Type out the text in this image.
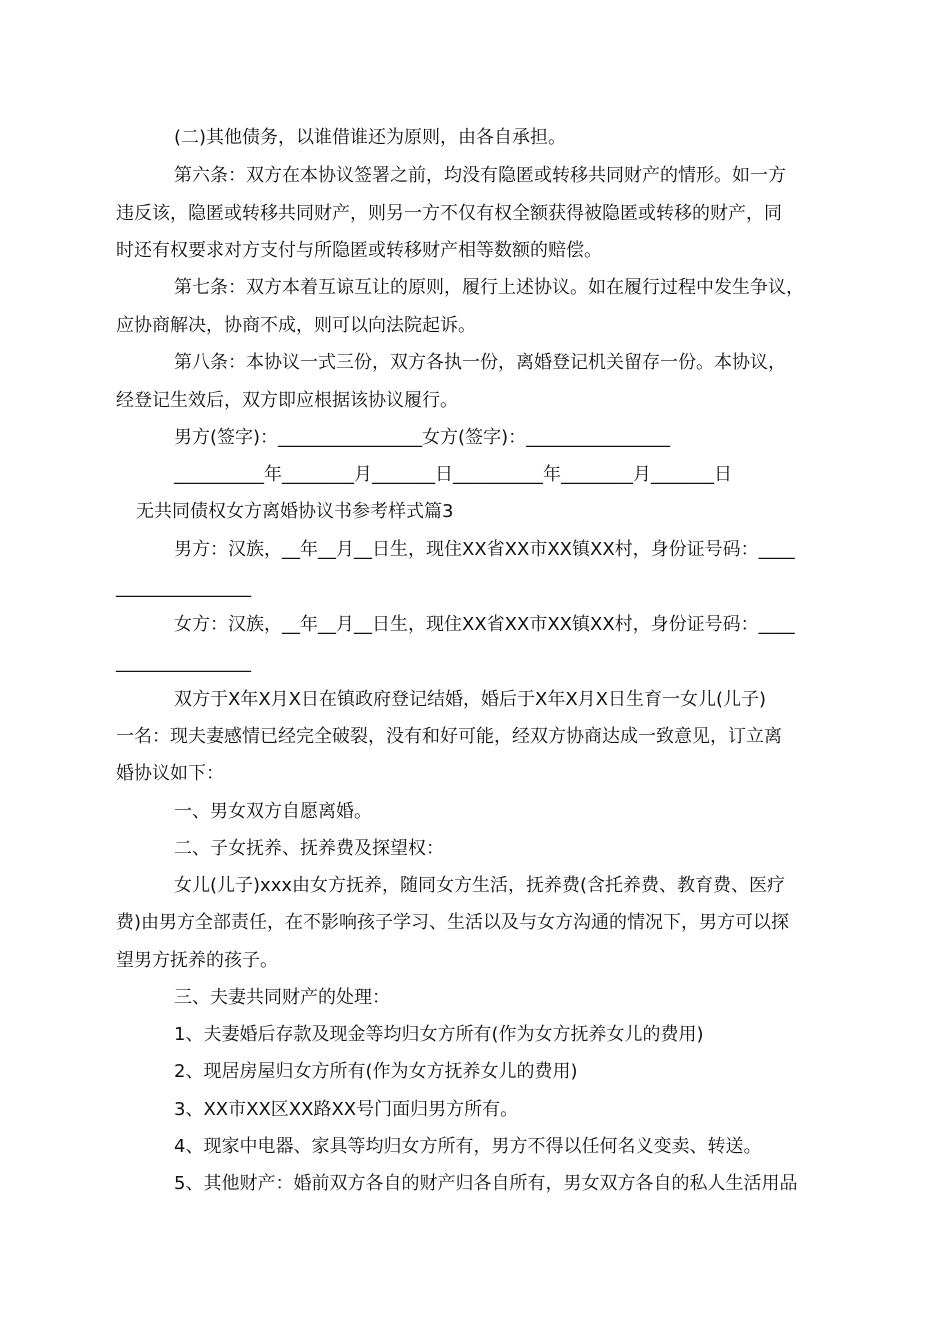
(二)其他债务，以谁借谁还为原则，由各自承担。
第六条：双方在本协议签署之前，均没有隐匿或转移共同财产的情形。如一方
违反该，隐匿或转移共同财产，则另一方不仅有权全额获得被隐匿或转移的财产，同
时还有权要求对方支付与所隐匿或转移财产相等数额的赔偿。
第七条：双方本着互谅互让的原则，履行上述协议。如在履行过程中发生争议，
应协商解决，协商不成，则可以向法院起诉。
第八条：本协议一式三份，双方各执一份，离婚登记机关留存一份。本协议，
经登记生效后，双方即应根据该协议履行。
男方(签字)：________________女方(签字)：________________
__________年________月_______日__________年________月_______日
无共同债权女方离婚协议书参考样式篇3
男方：汉族，__年__月__日生，现住XX省XX市XX镇XX村，身份证号码：____
_______________
女方：汉族，__年__月__日生，现住XX省XX市XX镇XX村，身份证号码：____
_______________
双方于X年X月X日在镇政府登记结婚，婚后于X年X月X日生育一女儿(儿子)
一名：现夫妻感情已经完全破裂，没有和好可能，经双方协商达成一致意见，订立离
婚协议如下：
一、男女双方自愿离婚。
二、子女抚养、抚养费及探望权：
女儿(儿子)xxx由女方抚养，随同女方生活，抚养费(含托养费、教育费、医疗
费)由男方全部责任，在不影响孩子学习、生活以及与女方沟通的情况下，男方可以探
望男方抚养的孩子。
三、夫妻共同财产的处理：
1、夫妻婚后存款及现金等均归女方所有(作为女方抚养女儿的费用)
2、现居房屋归女方所有(作为女方抚养女儿的费用)
3、XX市XX区XX路XX号门面归男方所有。
4、现家中电器、家具等均归女方所有，男方不得以任何名义变卖、转送。
5、其他财产：婚前双方各自的财产归各自所有，男女双方各自的私人生活用品
